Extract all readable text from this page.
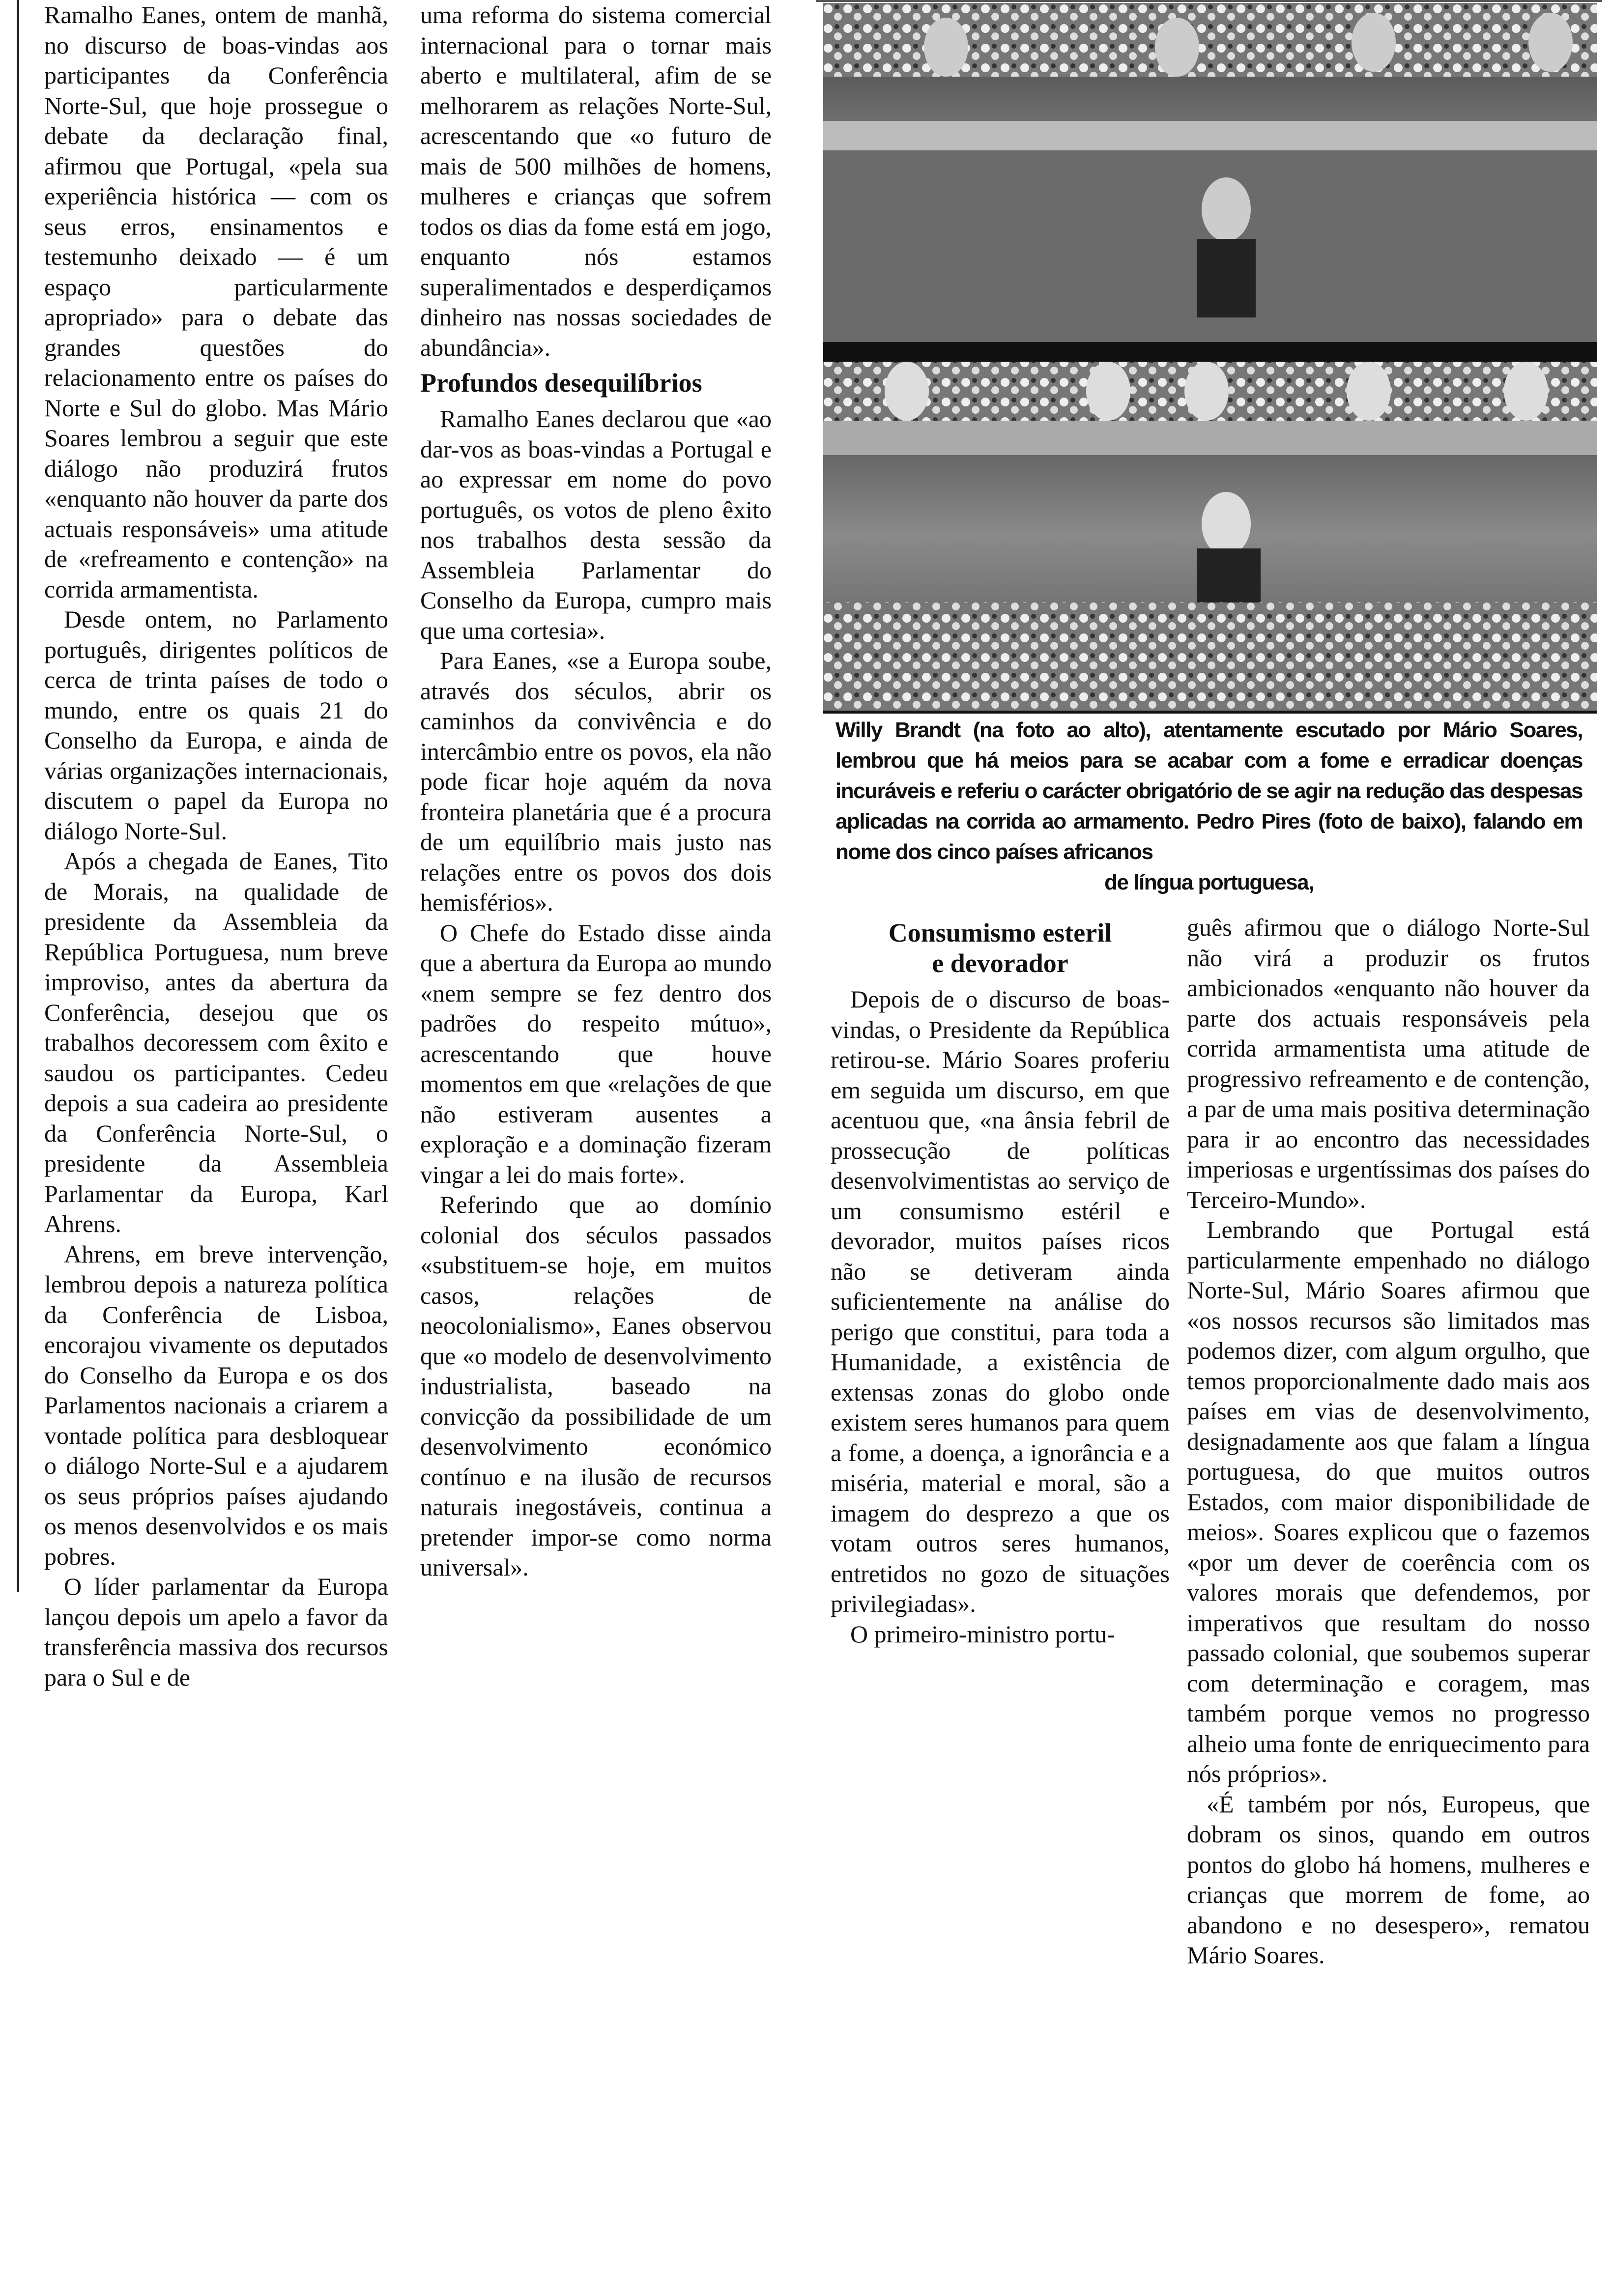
Ramalho Eanes, ontem de manhã, no discurso de boas-vindas aos participantes da Conferência Norte-Sul, que hoje prossegue o debate da declaração final, afirmou que Portugal, «pela sua experiência histórica — com os seus erros, ensinamentos e testemunho deixado — é um espaço particularmente apropriado» para o debate das grandes questões do relacionamento entre os países do Norte e Sul do globo. Mas Mário Soares lembrou a seguir que este diálogo não produzirá frutos «enquanto não houver da parte dos actuais responsáveis» uma atitude de «refreamento e contenção» na corrida armamentista.

Desde ontem, no Parlamento português, dirigentes políticos de cerca de trinta países de todo o mundo, entre os quais 21 do Conselho da Europa, e ainda de várias organizações internacionais, discutem o papel da Europa no diálogo Norte-Sul.

Após a chegada de Eanes, Tito de Morais, na qualidade de presidente da Assembleia da República Portuguesa, num breve improviso, antes da abertura da Conferência, desejou que os trabalhos decoressem com êxito e saudou os participantes. Cedeu depois a sua cadeira ao presidente da Conferência Norte-Sul, o presidente da Assembleia Parlamentar da Europa, Karl Ahrens.

Ahrens, em breve intervenção, lembrou depois a natureza política da Conferência de Lisboa, encorajou vivamente os deputados do Conselho da Europa e os dos Parlamentos nacionais a criarem a vontade política para desbloquear o diálogo Norte-Sul e a ajudarem os seus próprios países ajudando os menos desenvolvidos e os mais pobres.

O líder parlamentar da Europa lançou depois um apelo a favor da transferência massiva dos recursos para o Sul e de

uma reforma do sistema comercial internacional para o tornar mais aberto e multilateral, afim de se melhorarem as relações Norte-Sul, acrescentando que «o futuro de mais de 500 milhões de homens, mulheres e crianças que sofrem todos os dias da fome está em jogo, enquanto nós estamos superalimentados e desperdiçamos dinheiro nas nossas sociedades de abundância».

Profundos desequilíbrios

Ramalho Eanes declarou que «ao dar-vos as boas-vindas a Portugal e ao expressar em nome do povo português, os votos de pleno êxito nos trabalhos desta sessão da Assembleia Parlamentar do Conselho da Europa, cumpro mais que uma cortesia».

Para Eanes, «se a Europa soube, através dos séculos, abrir os caminhos da convivência e do intercâmbio entre os povos, ela não pode ficar hoje aquém da nova fronteira planetária que é a procura de um equilíbrio mais justo nas relações entre os povos dos dois hemisférios».

O Chefe do Estado disse ainda que a abertura da Europa ao mundo «nem sempre se fez dentro dos padrões do respeito mútuo», acrescentando que houve momentos em que «relações de que não estiveram ausentes a exploração e a dominação fizeram vingar a lei do mais forte».

Referindo que ao domínio colonial dos séculos passados «substituem-se hoje, em muitos casos, relações de neocolonialismo», Eanes observou que «o modelo de desenvolvimento industrialista, baseado na convicção da possibilidade de um desenvolvimento económico contínuo e na ilusão de recursos naturais inegostáveis, continua a pretender impor-se como norma universal».

Willy Brandt (na foto ao alto), atentamente escutado por Mário Soares, lembrou que há meios para se acabar com a fome e erradicar doenças incuráveis e referiu o carácter obrigatório de se agir na redução das despesas aplicadas na corrida ao armamento. Pedro Pires (foto de baixo), falando em nome dos cinco países africanos
de língua portuguesa,
Consumismo esteril
e devorador

Depois de o discurso de boas-vindas, o Presidente da República retirou-se. Mário Soares proferiu em seguida um discurso, em que acentuou que, «na ânsia febril de prossecução de políticas desenvolvimentistas ao serviço de um consumismo estéril e devorador, muitos países ricos não se detiveram ainda suficientemente na análise do perigo que constitui, para toda a Humanidade, a existência de extensas zonas do globo onde existem seres humanos para quem a fome, a doença, a ignorância e a miséria, material e moral, são a imagem do desprezo a que os votam outros seres humanos, entretidos no gozo de situações privilegiadas».

O primeiro-ministro portu-

guês afirmou que o diálogo Norte-Sul não virá a produzir os frutos ambicionados «enquanto não houver da parte dos actuais responsáveis pela corrida armamentista uma atitude de progressivo refreamento e de contenção, a par de uma mais positiva determinação para ir ao encontro das necessidades imperiosas e urgentíssimas dos países do Terceiro-Mundo».

Lembrando que Portugal está particularmente empenhado no diálogo Norte-Sul, Mário Soares afirmou que «os nossos recursos são limitados mas podemos dizer, com algum orgulho, que temos proporcionalmente dado mais aos países em vias de desenvolvimento, designadamente aos que falam a língua portuguesa, do que muitos outros Estados, com maior disponibilidade de meios». Soares explicou que o fazemos «por um dever de coerência com os valores morais que defendemos, por imperativos que resultam do nosso passado colonial, que soubemos superar com determinação e coragem, mas também porque vemos no progresso alheio uma fonte de enriquecimento para nós próprios».

«É também por nós, Europeus, que dobram os sinos, quando em outros pontos do globo há homens, mulheres e crianças que morrem de fome, ao abandono e no desespero», rematou Mário Soares.
